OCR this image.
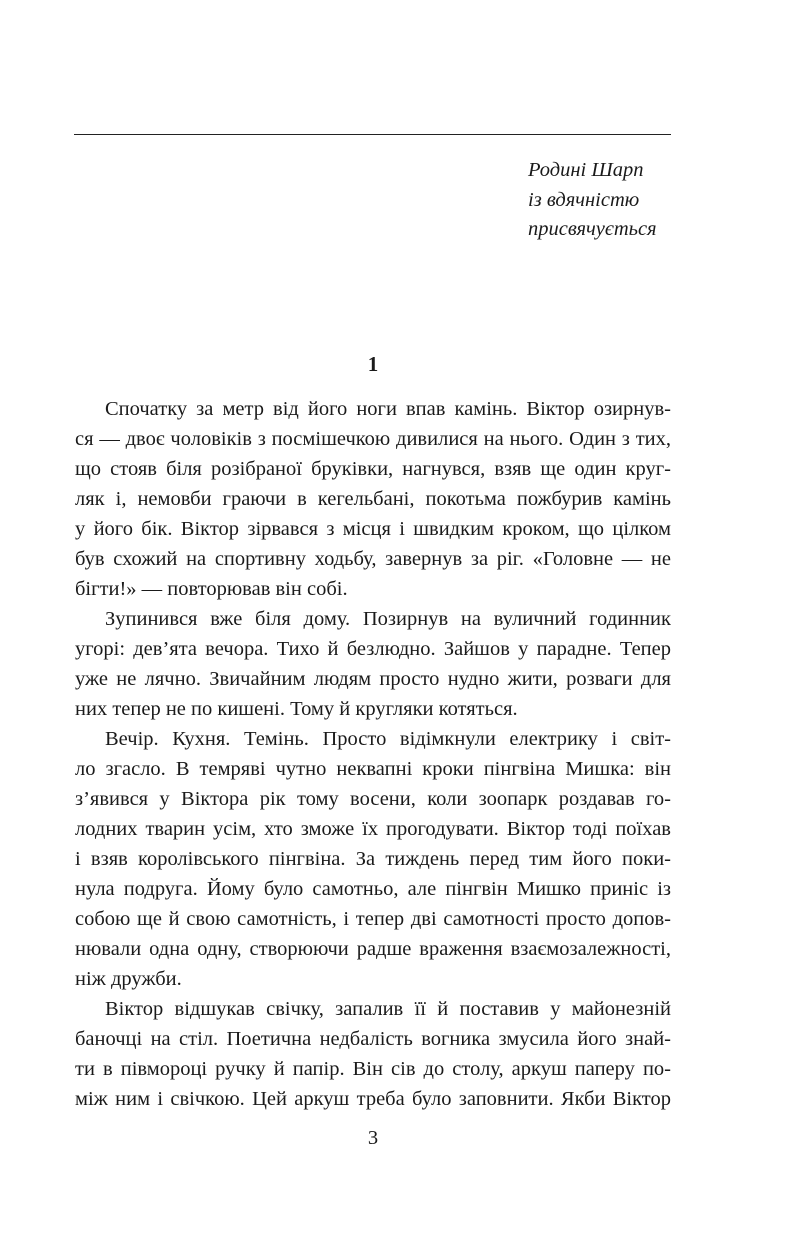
Родині Шарп
із вдячністю
присвячується
1
Спочатку за метр від його ноги впав камінь. Віктор озирнув-
ся — двоє чоловіків з посмішечкою дивилися на нього. Один з тих,
що стояв біля розібраної бруківки, нагнувся, взяв ще один круг-
ляк і, немовби граючи в кегельбані, покотьма пожбурив камінь
у його бік. Віктор зірвався з місця і швидким кроком, що цілком
був схожий на спортивну ходьбу, завернув за ріг. «Головне — не
бігти!» — повторював він собі.
Зупинився вже біля дому. Позирнув на вуличний годинник
угорі: дев’ята вечора. Тихо й безлюдно. Зайшов у парадне. Тепер
уже не лячно. Звичайним людям просто нудно жити, розваги для
них тепер не по кишені. Тому й кругляки котяться.
Вечір. Кухня. Темінь. Просто відімкнули електрику і світ-
ло згасло. В темряві чутно неквапні кроки пінгвіна Мишка: він
з’явився у Віктора рік тому восени, коли зоопарк роздавав го-
лодних тварин усім, хто зможе їх прогодувати. Віктор тоді поїхав
і взяв королівського пінгвіна. За тиждень перед тим його поки-
нула подруга. Йому було самотньо, але пінгвін Мишко приніс із
собою ще й свою самотність, і тепер дві самотності просто допов-
нювали одна одну, створюючи радше враження взаємозалежності,
ніж дружби.
Віктор відшукав свічку, запалив її й поставив у майонезній
баночці на стіл. Поетична недбалість вогника змусила його знай-
ти в півмороці ручку й папір. Він сів до столу, аркуш паперу по-
між ним і свічкою. Цей аркуш треба було заповнити. Якби Віктор
3
